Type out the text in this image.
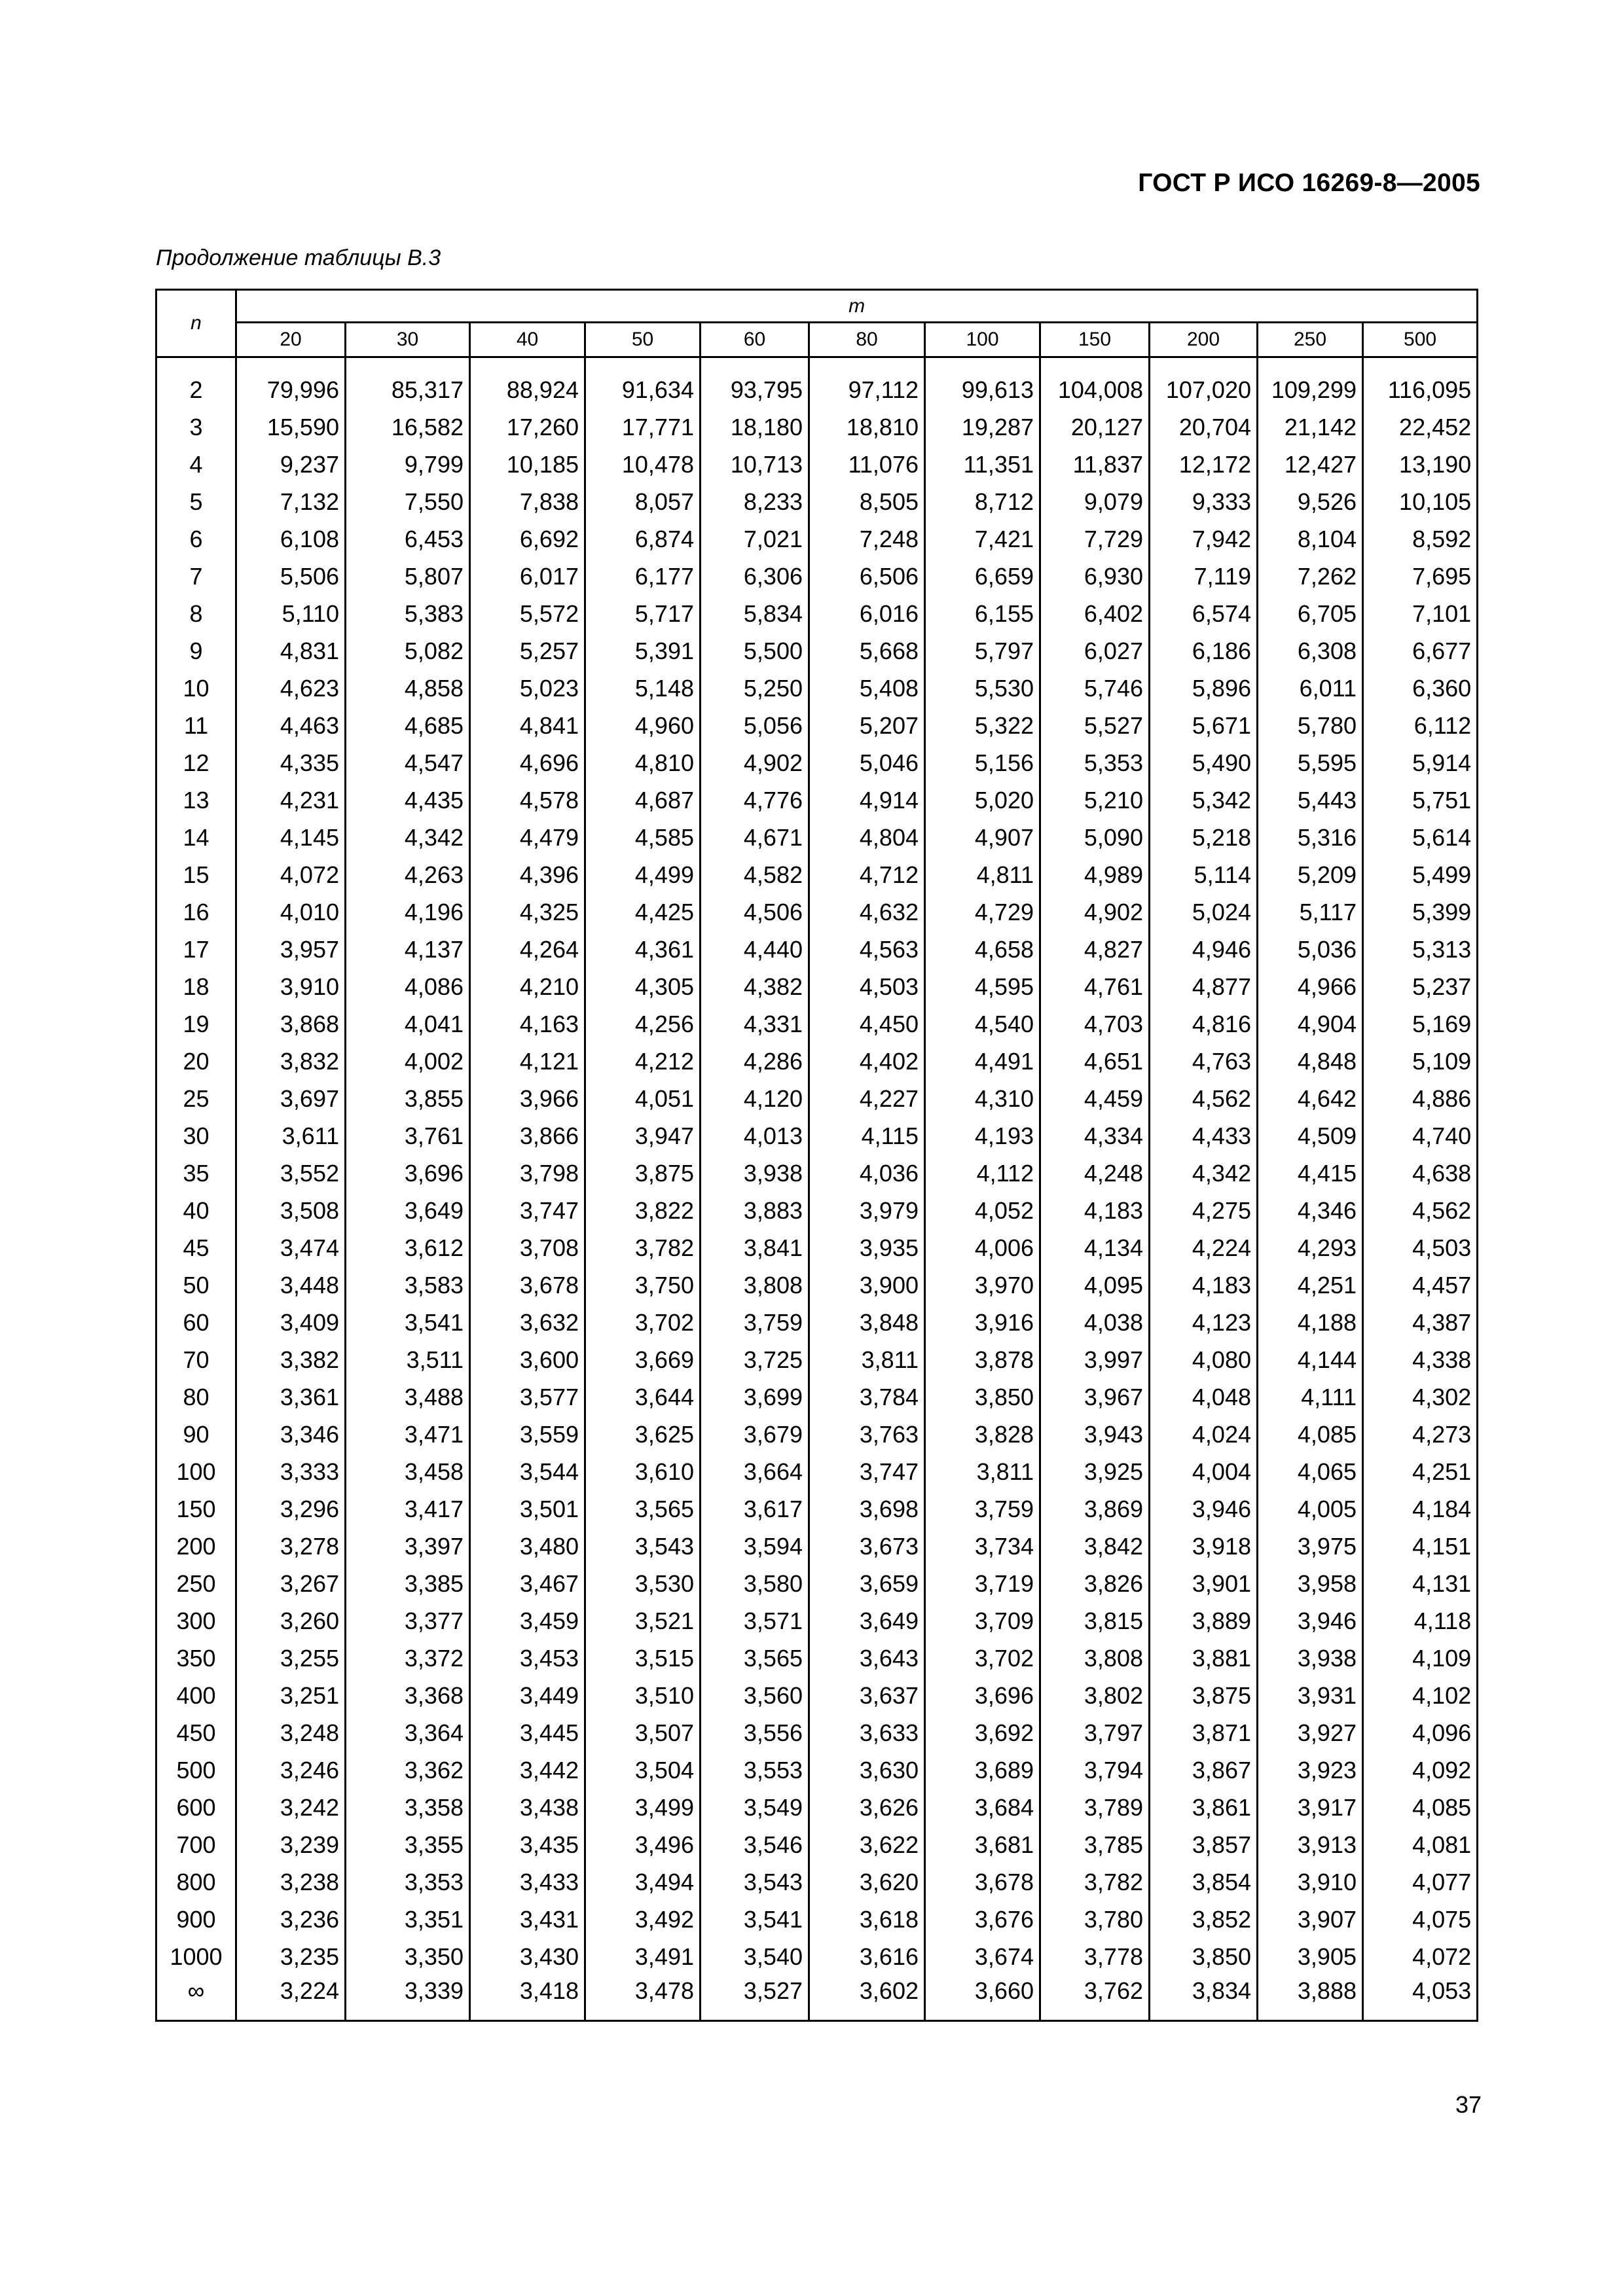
ГОСТ Р ИСО 16269-8—2005
Продолжение таблицы В.3
n	m										
	20	30	40	50	60	80	100	150	200	250	500

2	79,996	85,317	88,924	91,634	93,795	97,112	99,613	104,008	107,020	109,299	116,095
3	15,590	16,582	17,260	17,771	18,180	18,810	19,287	20,127	20,704	21,142	22,452
4	9,237	9,799	10,185	10,478	10,713	11,076	11,351	11,837	12,172	12,427	13,190
5	7,132	7,550	7,838	8,057	8,233	8,505	8,712	9,079	9,333	9,526	10,105
6	6,108	6,453	6,692	6,874	7,021	7,248	7,421	7,729	7,942	8,104	8,592
7	5,506	5,807	6,017	6,177	6,306	6,506	6,659	6,930	7,119	7,262	7,695
8	5,110	5,383	5,572	5,717	5,834	6,016	6,155	6,402	6,574	6,705	7,101
9	4,831	5,082	5,257	5,391	5,500	5,668	5,797	6,027	6,186	6,308	6,677
10	4,623	4,858	5,023	5,148	5,250	5,408	5,530	5,746	5,896	6,011	6,360
11	4,463	4,685	4,841	4,960	5,056	5,207	5,322	5,527	5,671	5,780	6,112
12	4,335	4,547	4,696	4,810	4,902	5,046	5,156	5,353	5,490	5,595	5,914
13	4,231	4,435	4,578	4,687	4,776	4,914	5,020	5,210	5,342	5,443	5,751
14	4,145	4,342	4,479	4,585	4,671	4,804	4,907	5,090	5,218	5,316	5,614
15	4,072	4,263	4,396	4,499	4,582	4,712	4,811	4,989	5,114	5,209	5,499
16	4,010	4,196	4,325	4,425	4,506	4,632	4,729	4,902	5,024	5,117	5,399
17	3,957	4,137	4,264	4,361	4,440	4,563	4,658	4,827	4,946	5,036	5,313
18	3,910	4,086	4,210	4,305	4,382	4,503	4,595	4,761	4,877	4,966	5,237
19	3,868	4,041	4,163	4,256	4,331	4,450	4,540	4,703	4,816	4,904	5,169
20	3,832	4,002	4,121	4,212	4,286	4,402	4,491	4,651	4,763	4,848	5,109
25	3,697	3,855	3,966	4,051	4,120	4,227	4,310	4,459	4,562	4,642	4,886
30	3,611	3,761	3,866	3,947	4,013	4,115	4,193	4,334	4,433	4,509	4,740
35	3,552	3,696	3,798	3,875	3,938	4,036	4,112	4,248	4,342	4,415	4,638
40	3,508	3,649	3,747	3,822	3,883	3,979	4,052	4,183	4,275	4,346	4,562
45	3,474	3,612	3,708	3,782	3,841	3,935	4,006	4,134	4,224	4,293	4,503
50	3,448	3,583	3,678	3,750	3,808	3,900	3,970	4,095	4,183	4,251	4,457
60	3,409	3,541	3,632	3,702	3,759	3,848	3,916	4,038	4,123	4,188	4,387
70	3,382	3,511	3,600	3,669	3,725	3,811	3,878	3,997	4,080	4,144	4,338
80	3,361	3,488	3,577	3,644	3,699	3,784	3,850	3,967	4,048	4,111	4,302
90	3,346	3,471	3,559	3,625	3,679	3,763	3,828	3,943	4,024	4,085	4,273
100	3,333	3,458	3,544	3,610	3,664	3,747	3,811	3,925	4,004	4,065	4,251
150	3,296	3,417	3,501	3,565	3,617	3,698	3,759	3,869	3,946	4,005	4,184
200	3,278	3,397	3,480	3,543	3,594	3,673	3,734	3,842	3,918	3,975	4,151
250	3,267	3,385	3,467	3,530	3,580	3,659	3,719	3,826	3,901	3,958	4,131
300	3,260	3,377	3,459	3,521	3,571	3,649	3,709	3,815	3,889	3,946	4,118
350	3,255	3,372	3,453	3,515	3,565	3,643	3,702	3,808	3,881	3,938	4,109
400	3,251	3,368	3,449	3,510	3,560	3,637	3,696	3,802	3,875	3,931	4,102
450	3,248	3,364	3,445	3,507	3,556	3,633	3,692	3,797	3,871	3,927	4,096
500	3,246	3,362	3,442	3,504	3,553	3,630	3,689	3,794	3,867	3,923	4,092
600	3,242	3,358	3,438	3,499	3,549	3,626	3,684	3,789	3,861	3,917	4,085
700	3,239	3,355	3,435	3,496	3,546	3,622	3,681	3,785	3,857	3,913	4,081
800	3,238	3,353	3,433	3,494	3,543	3,620	3,678	3,782	3,854	3,910	4,077
900	3,236	3,351	3,431	3,492	3,541	3,618	3,676	3,780	3,852	3,907	4,075
1000	3,235	3,350	3,430	3,491	3,540	3,616	3,674	3,778	3,850	3,905	4,072
∞	3,224	3,339	3,418	3,478	3,527	3,602	3,660	3,762	3,834	3,888	4,053
37
